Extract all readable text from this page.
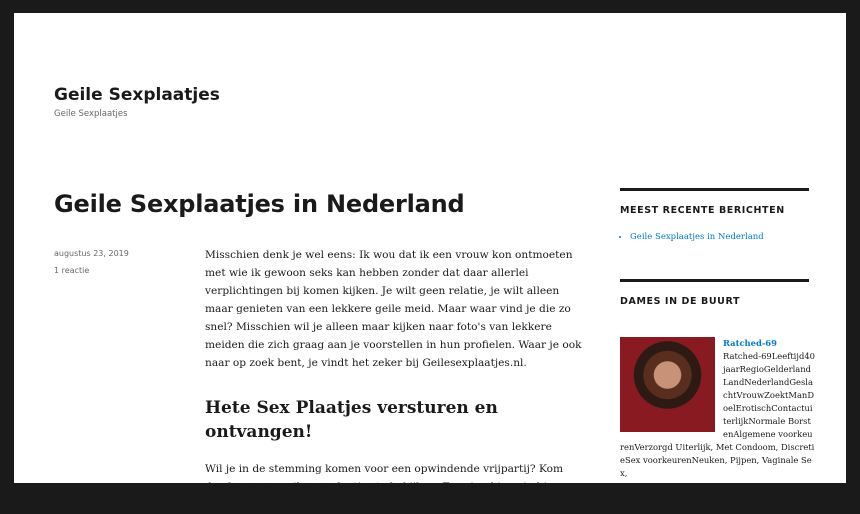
Geile Sexplaatjes

Geile Sexplaatjes

Geile Sexplaatjes in Nederland
augustus 23, 2019
1 reactie

Misschien denk je wel eens: Ik wou dat ik een vrouw kon ontmoeten met wie ik gewoon seks kan hebben zonder dat daar allerlei verplichtingen bij komen kijken. Je wilt geen relatie, je wilt alleen maar genieten van een lekkere geile meid. Maar waar vind je die zo snel? Misschien wil je alleen maar kijken naar foto's van lekkere meiden die zich graag aan je voorstellen in hun profielen. Waar je ook naar op zoek bent, je vindt het zeker bij Geilesexplaatjes.nl.

Hete Sex Plaatjes versturen en ontvangen!

Wil je in de stemming komen voor een opwindende vrijpartij? Kom dan langs om geile sex plaatjes te bekijken. En misschien vind je ze wel zo

MEEST RECENTE BERICHTEN
• Geile Sexplaatjes in Nederland
DAMES IN DE BUURT
Ratched-69
Ratched-69Leeftijd40jaarRegioGelderlandLandNederlandGeslachtVrouwZoektManDoelErotischContactuiterlijkNormale BorstenAlgemene voorkeurenVerzorgd Uiterlijk, Met Condoom, DiscretieSex voorkeurenNeuken, Pijpen, Vaginale Sex,
